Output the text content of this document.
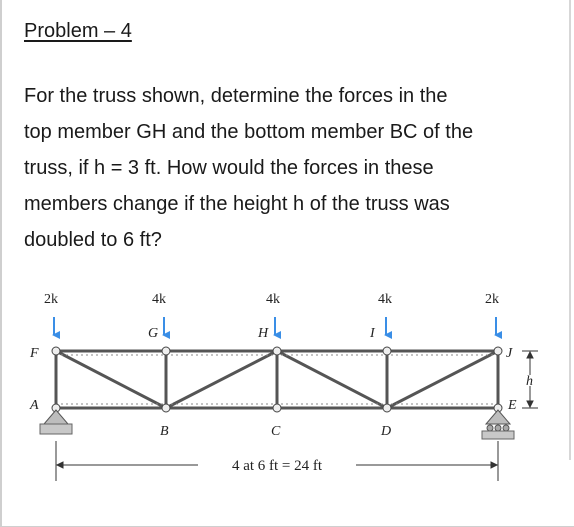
Problem – 4
For the truss shown, determine the forces in the
top member GH and the bottom member BC of the
truss, if h = 3 ft. How would the forces in these
members change if the height h of the truss was
doubled to 6 ft?
2k	4k	4k	4k	2k
F
G	H	I
J
A
B	C	D
E
h
4 at 6 ft = 24 ft
